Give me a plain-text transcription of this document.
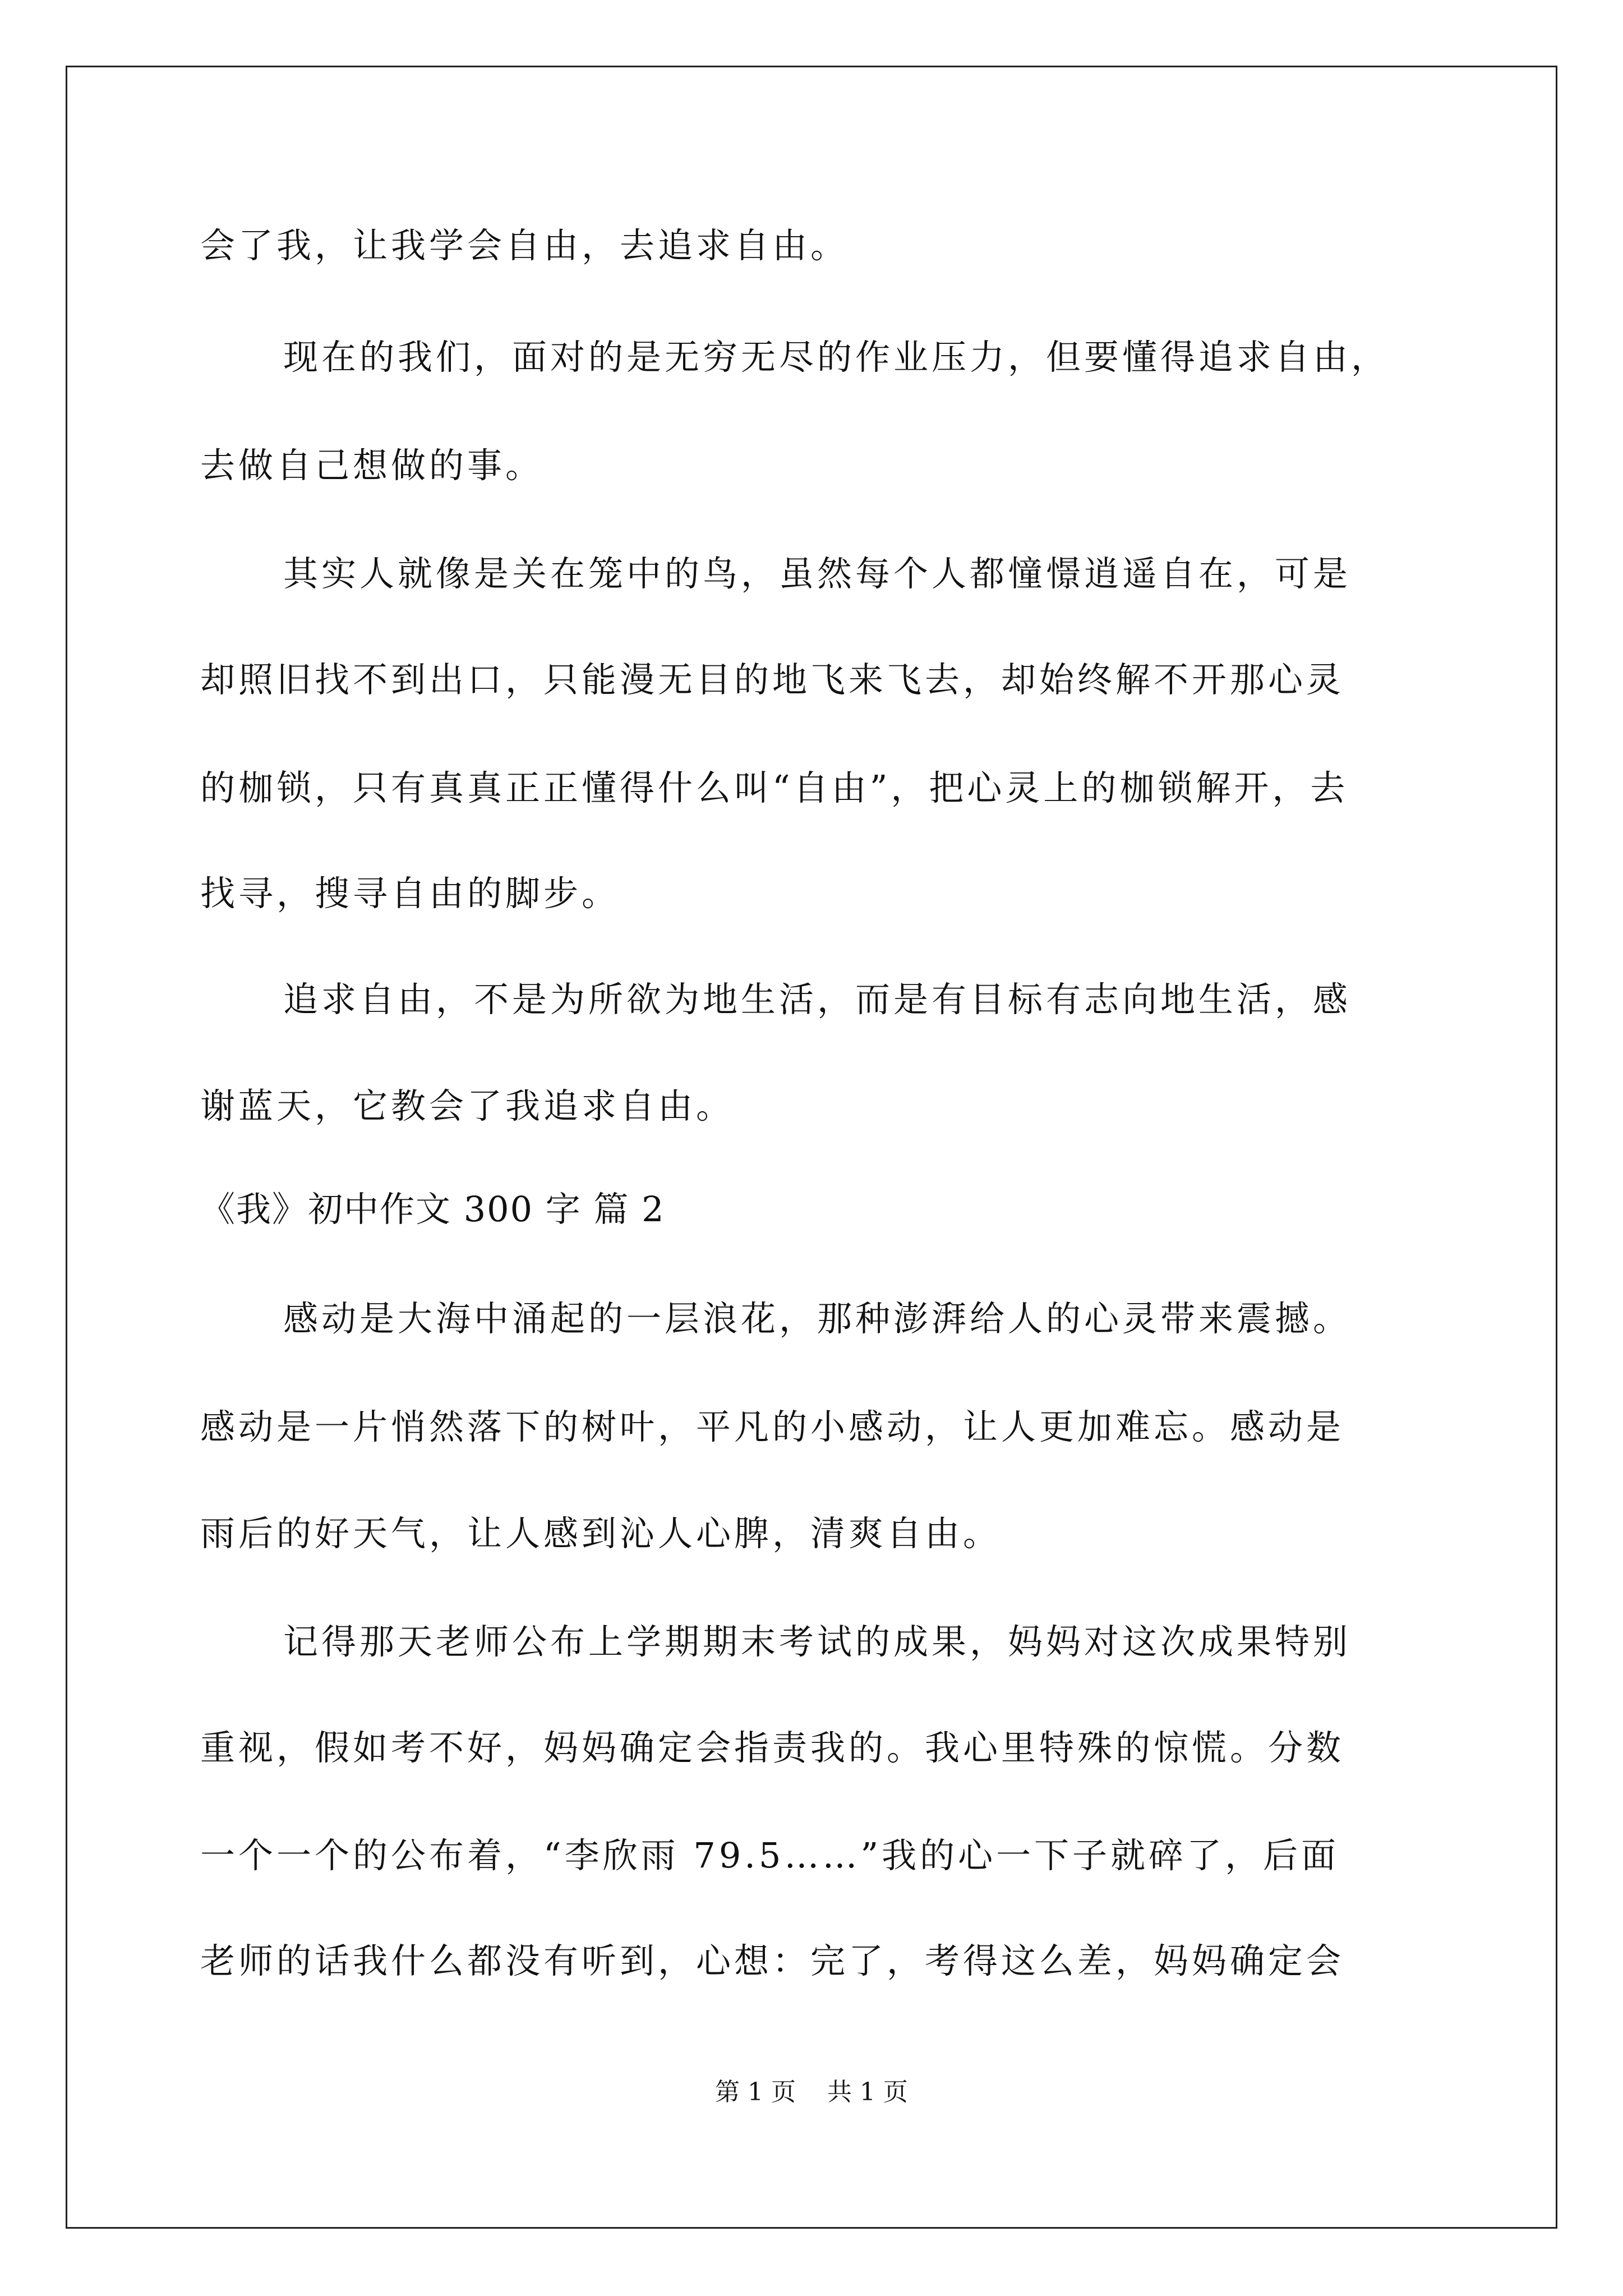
会了我，让我学会自由，去追求自由。
现在的我们，面对的是无穷无尽的作业压力，但要懂得追求自由，
去做自己想做的事。
其实人就像是关在笼中的鸟，虽然每个人都憧憬逍遥自在，可是
却照旧找不到出口，只能漫无目的地飞来飞去，却始终解不开那心灵
的枷锁，只有真真正正懂得什么叫“自由”，把心灵上的枷锁解开，去
找寻，搜寻自由的脚步。
追求自由，不是为所欲为地生活，而是有目标有志向地生活，感
谢蓝天，它教会了我追求自由。
《我》初中作文 300 字 篇 2
感动是大海中涌起的一层浪花，那种澎湃给人的心灵带来震撼。
感动是一片悄然落下的树叶，平凡的小感动，让人更加难忘。感动是
雨后的好天气，让人感到沁人心脾，清爽自由。
记得那天老师公布上学期期末考试的成果，妈妈对这次成果特别
重视，假如考不好，妈妈确定会指责我的。我心里特殊的惊慌。分数
一个一个的公布着，“李欣雨 79.5……”我的心一下子就碎了，后面
老师的话我什么都没有听到，心想：完了，考得这么差，妈妈确定会
第 1 页    共 1 页
